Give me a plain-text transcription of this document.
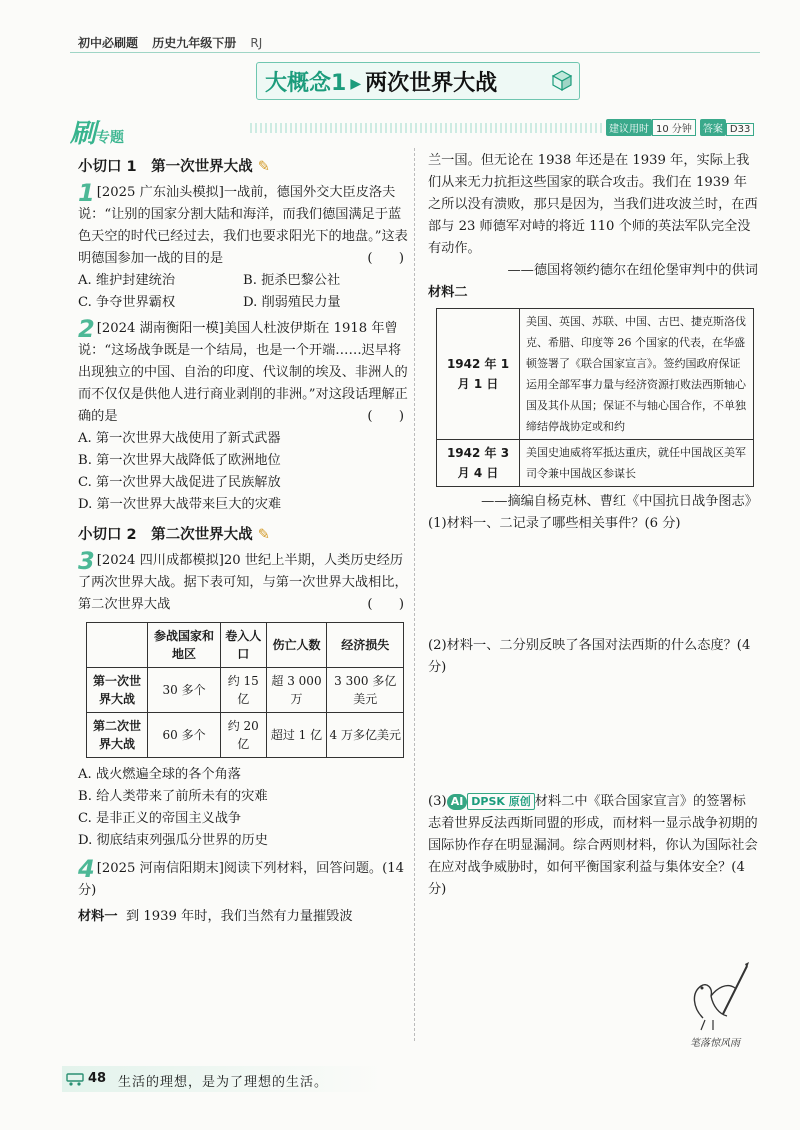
初中必刷题 历史九年级下册 RJ
大概念1 ▶ 两次世界大战
刷专题
建议用时 10 分钟 答案 D33
小切口 1　第一次世界大战 ✎
1 [2025 广东汕头模拟]一战前，德国外交大臣皮洛夫说：“让别的国家分割大陆和海洋，而我们德国满足于蓝色天空的时代已经过去，我们也要求阳光下的地盘。”这表明德国参加一战的目的是	(　　)
A. 维护封建统治	B. 扼杀巴黎公社
C. 争夺世界霸权	D. 削弱殖民力量
2 [2024 湖南衡阳一模]美国人杜波伊斯在 1918 年曾说：“这场战争既是一个结局，也是一个开端……迟早将出现独立的中国、自治的印度、代议制的埃及、非洲人的而不仅仅是供他人进行商业剥削的非洲。”对这段话理解正确的是	(　　)
A. 第一次世界大战使用了新式武器
B. 第一次世界大战降低了欧洲地位
C. 第一次世界大战促进了民族解放
D. 第一次世界大战带来巨大的灾难
小切口 2　第二次世界大战 ✎
3 [2024 四川成都模拟]20 世纪上半期，人类历史经历了两次世界大战。据下表可知，与第一次世界大战相比，第二次世界大战	(　　)
	参战国家和地区	卷入人口	伤亡人数	经济损失
第一次世界大战	30 多个	约 15 亿	超 3 000 万	3 300 多亿美元
第二次世界大战	60 多个	约 20 亿	超过 1 亿	4 万多亿美元
A. 战火燃遍全球的各个角落
B. 给人类带来了前所未有的灾难
C. 是非正义的帝国主义战争
D. 彻底结束列强瓜分世界的历史
4 [2025 河南信阳期末]阅读下列材料，回答问题。(14 分)
材料一 到 1939 年时，我们当然有力量摧毁波
兰一国。但无论在 1938 年还是在 1939 年，实际上我们从来无力抗拒这些国家的联合攻击。我们在 1939 年之所以没有溃败，那只是因为，当我们进攻波兰时，在西部与 23 师德军对峙的将近 110 个师的英法军队完全没有动作。
——德国将领约德尔在纽伦堡审判中的供词
材料二
1942 年 1 月 1 日	美国、英国、苏联、中国、古巴、捷克斯洛伐克、希腊、印度等 26 个国家的代表，在华盛顿签署了《联合国家宣言》。签约国政府保证运用全部军事力量与经济资源打败法西斯轴心国及其仆从国；保证不与轴心国合作，不单独缔结停战协定或和约
1942 年 3 月 4 日	美国史迪威将军抵达重庆，就任中国战区美军司令兼中国战区参谋长
——摘编自杨克林、曹红《中国抗日战争图志》
(1)材料一、二记录了哪些相关事件？(6 分)
(2)材料一、二分别反映了各国对法西斯的什么态度？(4 分)
(3) AI DPSK 原创 材料二中《联合国家宣言》的签署标志着世界反法西斯同盟的形成，而材料一显示战争初期的国际协作存在明显漏洞。综合两则材料，你认为国际社会在应对战争威胁时，如何平衡国家利益与集体安全？(4 分)
笔落惊风雨
48 生活的理想，是为了理想的生活。
